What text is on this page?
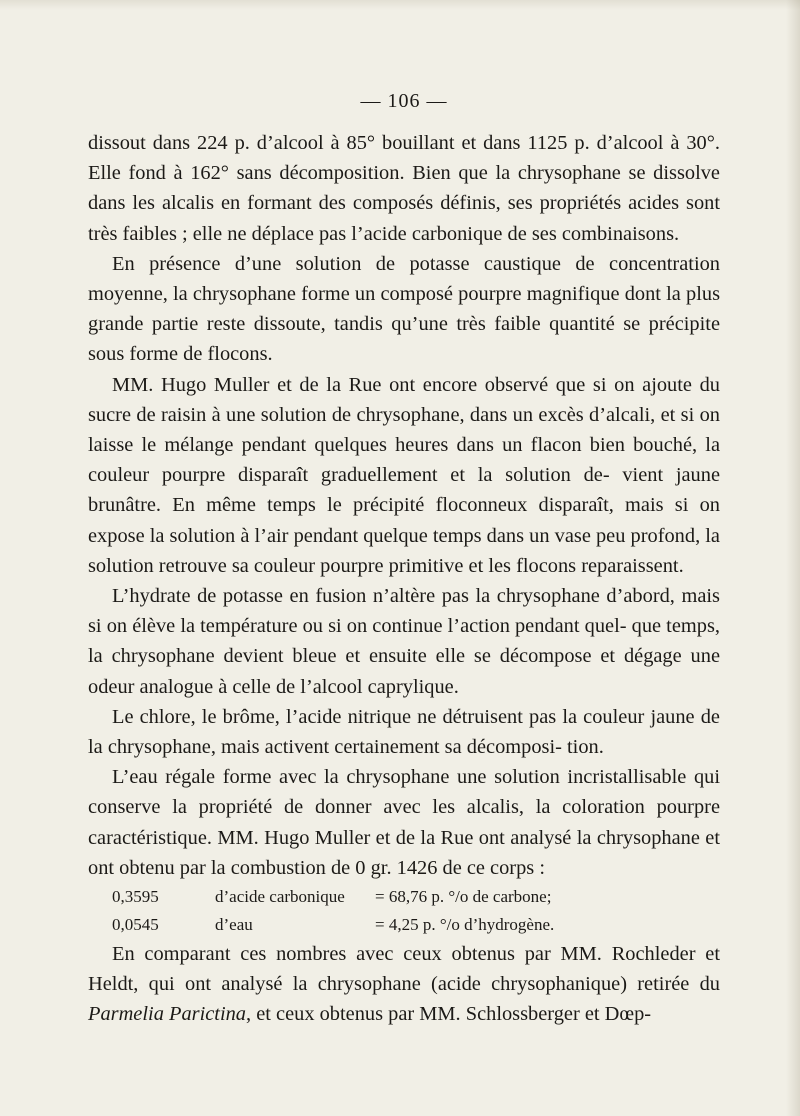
— 106 —

dissout dans 224 p. d’alcool à 85° bouillant et dans 1125 p. d’alcool à 30°. Elle fond à 162° sans décomposition. Bien que la chrysophane se dissolve dans les alcalis en formant des composés définis, ses propriétés acides sont très faibles ; elle ne déplace pas l’acide carbonique de ses combinaisons.

En présence d’une solution de potasse caustique de concentration moyenne, la chrysophane forme un composé pourpre magnifique dont la plus grande partie reste dissoute, tandis qu’une très faible quantité se précipite sous forme de flocons.

MM. Hugo Muller et de la Rue ont encore observé que si on ajoute du sucre de raisin à une solution de chrysophane, dans un excès d’alcali, et si on laisse le mélange pendant quelques heures dans un flacon bien bouché, la couleur pourpre disparaît graduellement et la solution de- vient jaune brunâtre. En même temps le précipité floconneux disparaît, mais si on expose la solution à l’air pendant quelque temps dans un vase peu profond, la solution retrouve sa couleur pourpre primitive et les flocons reparaissent.

L’hydrate de potasse en fusion n’altère pas la chrysophane d’abord, mais si on élève la température ou si on continue l’action pendant quel- que temps, la chrysophane devient bleue et ensuite elle se décompose et dégage une odeur analogue à celle de l’alcool caprylique.

Le chlore, le brôme, l’acide nitrique ne détruisent pas la couleur jaune de la chrysophane, mais activent certainement sa décomposi- tion.

L’eau régale forme avec la chrysophane une solution incristallisable qui conserve la propriété de donner avec les alcalis, la coloration pourpre caractéristique. MM. Hugo Muller et de la Rue ont analysé la chrysophane et ont obtenu par la combustion de 0 gr. 1426 de ce corps :

0,3595	d’acide carbonique	= 68,76 p. °/o de carbone;
0,0545	d’eau	= 4,25 p. °/o d’hydrogène.

En comparant ces nombres avec ceux obtenus par MM. Rochleder et Heldt, qui ont analysé la chrysophane (acide chrysophanique) retirée du Parmelia Parictina, et ceux obtenus par MM. Schlossberger et Dœp-
